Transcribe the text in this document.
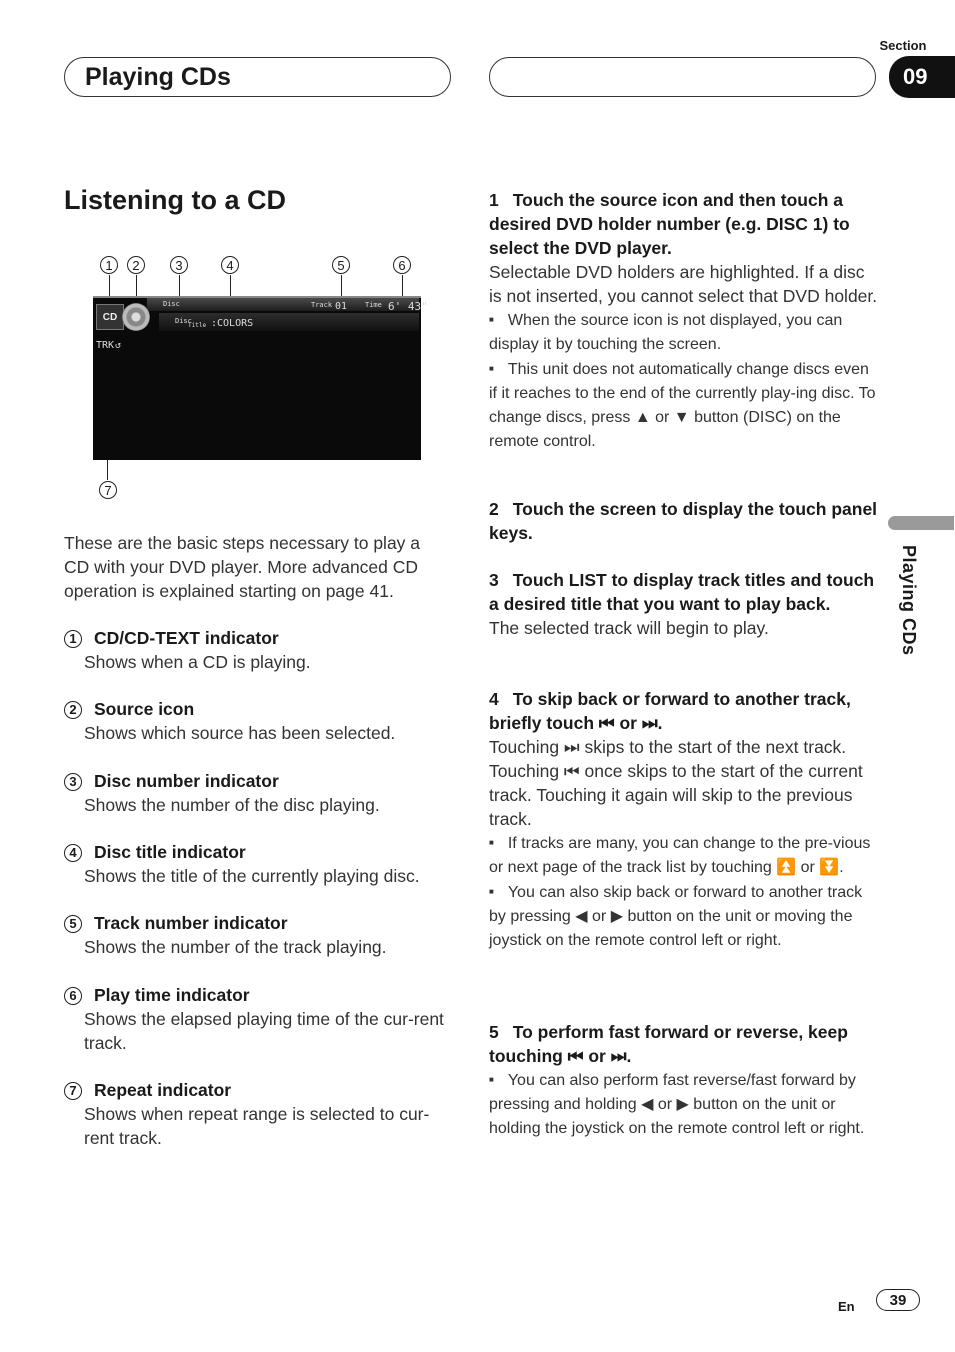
Section
09
Playing CDs
Listening to a CD
1	2	3	4	5	6
7
CD
Disc
Disc
Title :COLORS
Track 01	Time 6' 43"
TRK ↺
These are the basic steps necessary to play a CD with your DVD player. More advanced CD operation is explained starting on page 41.
1 CD/CD-TEXT indicator
Shows when a CD is playing.
2 Source icon
Shows which source has been selected.
3 Disc number indicator
Shows the number of the disc playing.
4 Disc title indicator
Shows the title of the currently playing disc.
5 Track number indicator
Shows the number of the track playing.
6 Play time indicator
Shows the elapsed playing time of the cur-rent track.
7 Repeat indicator
Shows when repeat range is selected to cur-rent track.
1 Touch the source icon and then touch a desired DVD holder number (e.g. DISC 1) to select the DVD player.
Selectable DVD holders are highlighted. If a disc is not inserted, you cannot select that DVD holder.
■ When the source icon is not displayed, you can display it by touching the screen.
■ This unit does not automatically change discs even if it reaches to the end of the currently play-ing disc. To change discs, press ▲ or ▼ button (DISC) on the remote control.
2 Touch the screen to display the touch panel keys.
3 Touch LIST to display track titles and touch a desired title that you want to play back.
The selected track will begin to play.
4 To skip back or forward to another track, briefly touch ⏮ or ⏭.
Touching ⏭ skips to the start of the next track. Touching ⏮ once skips to the start of the current track. Touching it again will skip to the previous track.
■ If tracks are many, you can change to the pre-vious or next page of the track list by touching ⏫ or ⏬.
■ You can also skip back or forward to another track by pressing ◀ or ▶ button on the unit or moving the joystick on the remote control left or right.
5 To perform fast forward or reverse, keep touching ⏮ or ⏭.
■ You can also perform fast reverse/fast forward by pressing and holding ◀ or ▶ button on the unit or holding the joystick on the remote control left or right.
Playing CDs
En	39
